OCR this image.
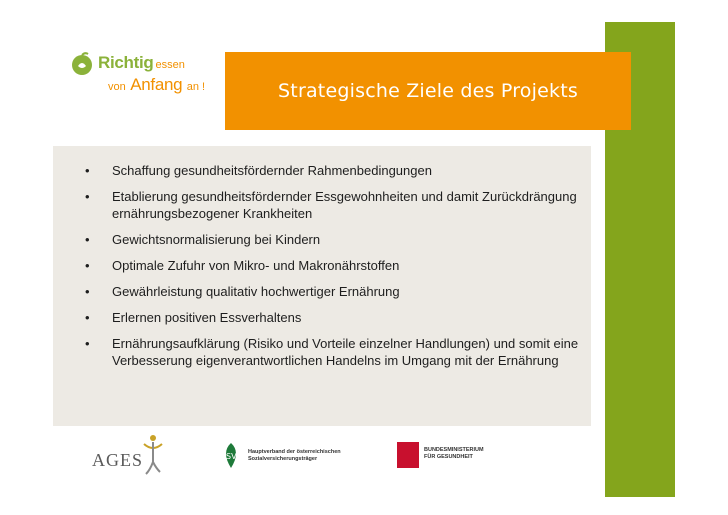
Richtig essen
von Anfang an !	Strategische Ziele des Projekts
• Schaffung gesundheitsfördernder Rahmenbedingungen
• Etablierung gesundheitsfördernder Essgewohnheiten und damit Zurückdrängung ernährungsbezogener Krankheiten
• Gewichtsnormalisierung bei Kindern
• Optimale Zufuhr von Mikro- und Makronährstoffen
• Gewährleistung qualitativ hochwertiger Ernährung
• Erlernen positiven Essverhaltens
• Ernährungsaufklärung (Risiko und Vorteile einzelner Handlungen) und somit eine Verbesserung eigenverantwortlichen Handelns im Umgang mit der Ernährung
AGES	SV Hauptverband der österreichischen
Sozialversicherungsträger
BUNDESMINISTERIUM
FÜR GESUNDHEIT
